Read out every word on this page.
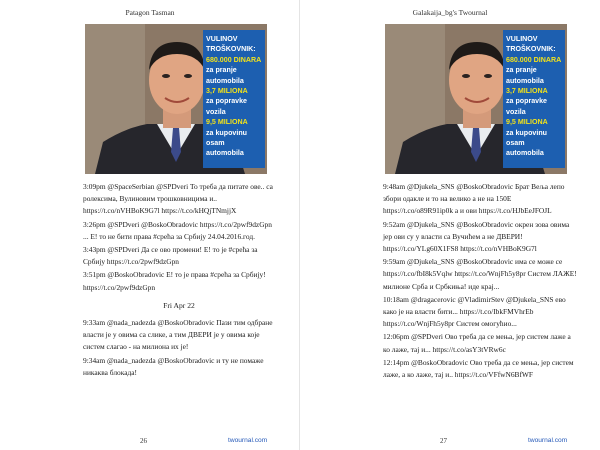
Patagon Tasman
VULINOV
TROŠKOVNIK:
680.000 DINARA
za pranje
automobila
3,7 MILIONA
za popravke
vozila
9,5 MILIONA
za kupovinu
osam automobila
3:09pm @SpaceSerbian @SPDveri То треба да питате ове.. са ролексима, Вулиновим трошковницима и.. https://t.co/nVHBoK9G7l https://t.co/kHQjTNmjjX
3:26pm @SPDveri @BoskoObradovic https://t.co/2pwf9dzGpn ... Е! то не бити права #срећа за Србију 24.04.2016.год.
3:43pm @SPDveri Да се ово промени! Е! то је #срећа за Србију https://t.co/2pwf9dzGpn
3:51pm @BoskoObradovic Е! то је права #срећа за Србију! https://t.co/2pwf9dzGpn
Fri Apr 22
9:33am @nada_nadezda @BoskoObradovic Пази тим одбране власти је у овима са слике, а тим ДВЕРИ је у овима које систем слагао - на милиона их је!
9:34am @nada_nadezda @BoskoObradovic и ту не помаже никаква блокада!
26	twournal.com
Galakaija_bg's Twournal
VULINOV
TROŠKOVNIK:
680.000 DINARA
za pranje
automobila
3,7 MILIONA
za popravke
vozila
9,5 MILIONA
za kupovinu
osam automobila
9:48am @Djukela_SNS @BoskoObradovic Брат Веља лепо збори одакле и то на велико а не на 150Е https://t.co/o89R91ip0k а и ови https://t.co/HJbEeJFOJL
9:52am @Djukela_SNS @BoskoObradovic окрен зова овима јер ови су у власти са Вучићем а не ДВЕРИ! https://t.co/YLg60X1FS8 https://t.co/nVHBoK9G7l
9:59am @Djukela_SNS @BoskoObradovic има се може се https://t.co/fbI8k5Vqlw https://t.co/WnjFh5y8pr Систем ЛАЖЕ! милионе Срба и Србкиња! иде крај...
10:18am @dragacerovic @VladimirStev @Djukela_SNS ево како је на власти бити... https://t.co/IbkFMVhrEb https://t.co/WnjFh5y8pr Систем омогућио...
12:06pm @SPDveri Ово треба да се мења, јер систем лаже а ко лаже, тај и... https://t.co/asY3tVRw6c
12:14pm @BoskoObradovic Ово треба да се мења, јер систем лаже, а ко лаже, тај и.. https://t.co/VFfwN6BfWF
27	twournal.com
